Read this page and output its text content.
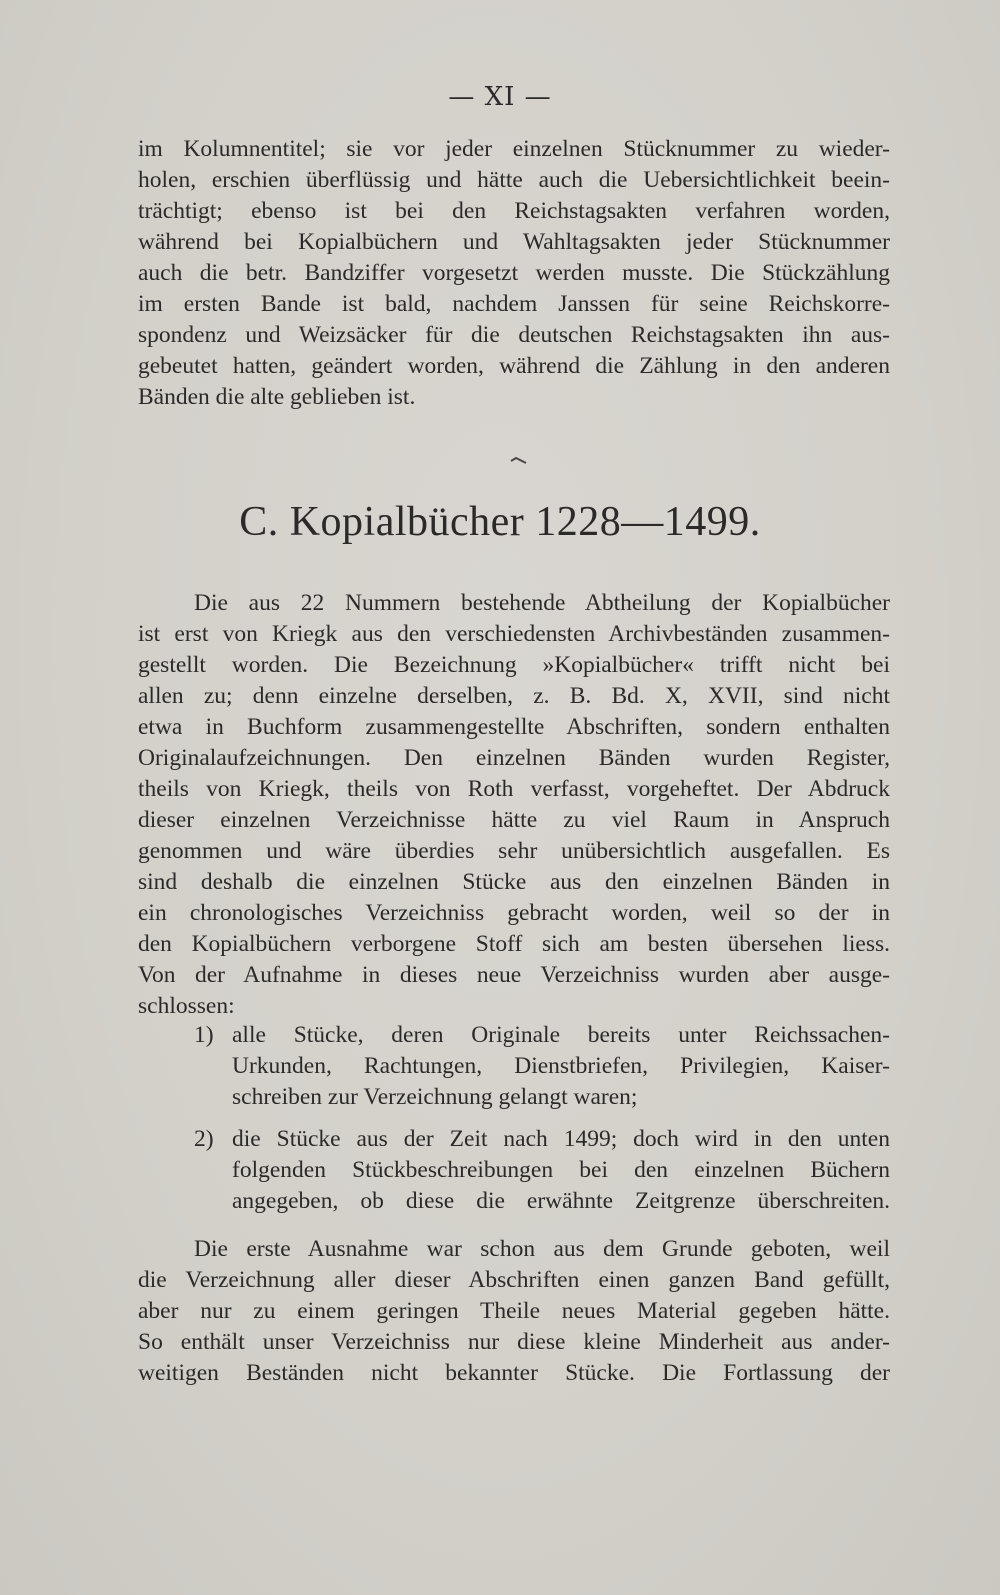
— XI —
im Kolumnentitel; sie vor jeder einzelnen Stücknummer zu wieder-
holen, erschien überflüssig und hätte auch die Uebersichtlichkeit beein-
trächtigt; ebenso ist bei den Reichstagsakten verfahren worden,
während bei Kopialbüchern und Wahltagsakten jeder Stücknummer
auch die betr. Bandziffer vorgesetzt werden musste. Die Stückzählung
im ersten Bande ist bald, nachdem Janssen für seine Reichskorre-
spondenz und Weizsäcker für die deutschen Reichstagsakten ihn aus-
gebeutet hatten, geändert worden, während die Zählung in den anderen
Bänden die alte geblieben ist.
C. Kopialbücher 1228—1499.
Die aus 22 Nummern bestehende Abtheilung der Kopialbücher
ist erst von Kriegk aus den verschiedensten Archivbeständen zusammen-
gestellt worden. Die Bezeichnung »Kopialbücher« trifft nicht bei
allen zu; denn einzelne derselben, z. B. Bd. X, XVII, sind nicht
etwa in Buchform zusammengestellte Abschriften, sondern enthalten
Originalaufzeichnungen. Den einzelnen Bänden wurden Register,
theils von Kriegk, theils von Roth verfasst, vorgeheftet. Der Abdruck
dieser einzelnen Verzeichnisse hätte zu viel Raum in Anspruch
genommen und wäre überdies sehr unübersichtlich ausgefallen. Es
sind deshalb die einzelnen Stücke aus den einzelnen Bänden in
ein chronologisches Verzeichniss gebracht worden, weil so der in
den Kopialbüchern verborgene Stoff sich am besten übersehen liess.
Von der Aufnahme in dieses neue Verzeichniss wurden aber ausge-
schlossen:
1) alle Stücke, deren Originale bereits unter Reichssachen-
Urkunden, Rachtungen, Dienstbriefen, Privilegien, Kaiser-
schreiben zur Verzeichnung gelangt waren;
2) die Stücke aus der Zeit nach 1499; doch wird in den unten
folgenden Stückbeschreibungen bei den einzelnen Büchern
angegeben, ob diese die erwähnte Zeitgrenze überschreiten.
Die erste Ausnahme war schon aus dem Grunde geboten, weil
die Verzeichnung aller dieser Abschriften einen ganzen Band gefüllt,
aber nur zu einem geringen Theile neues Material gegeben hätte.
So enthält unser Verzeichniss nur diese kleine Minderheit aus ander-
weitigen Beständen nicht bekannter Stücke. Die Fortlassung der
